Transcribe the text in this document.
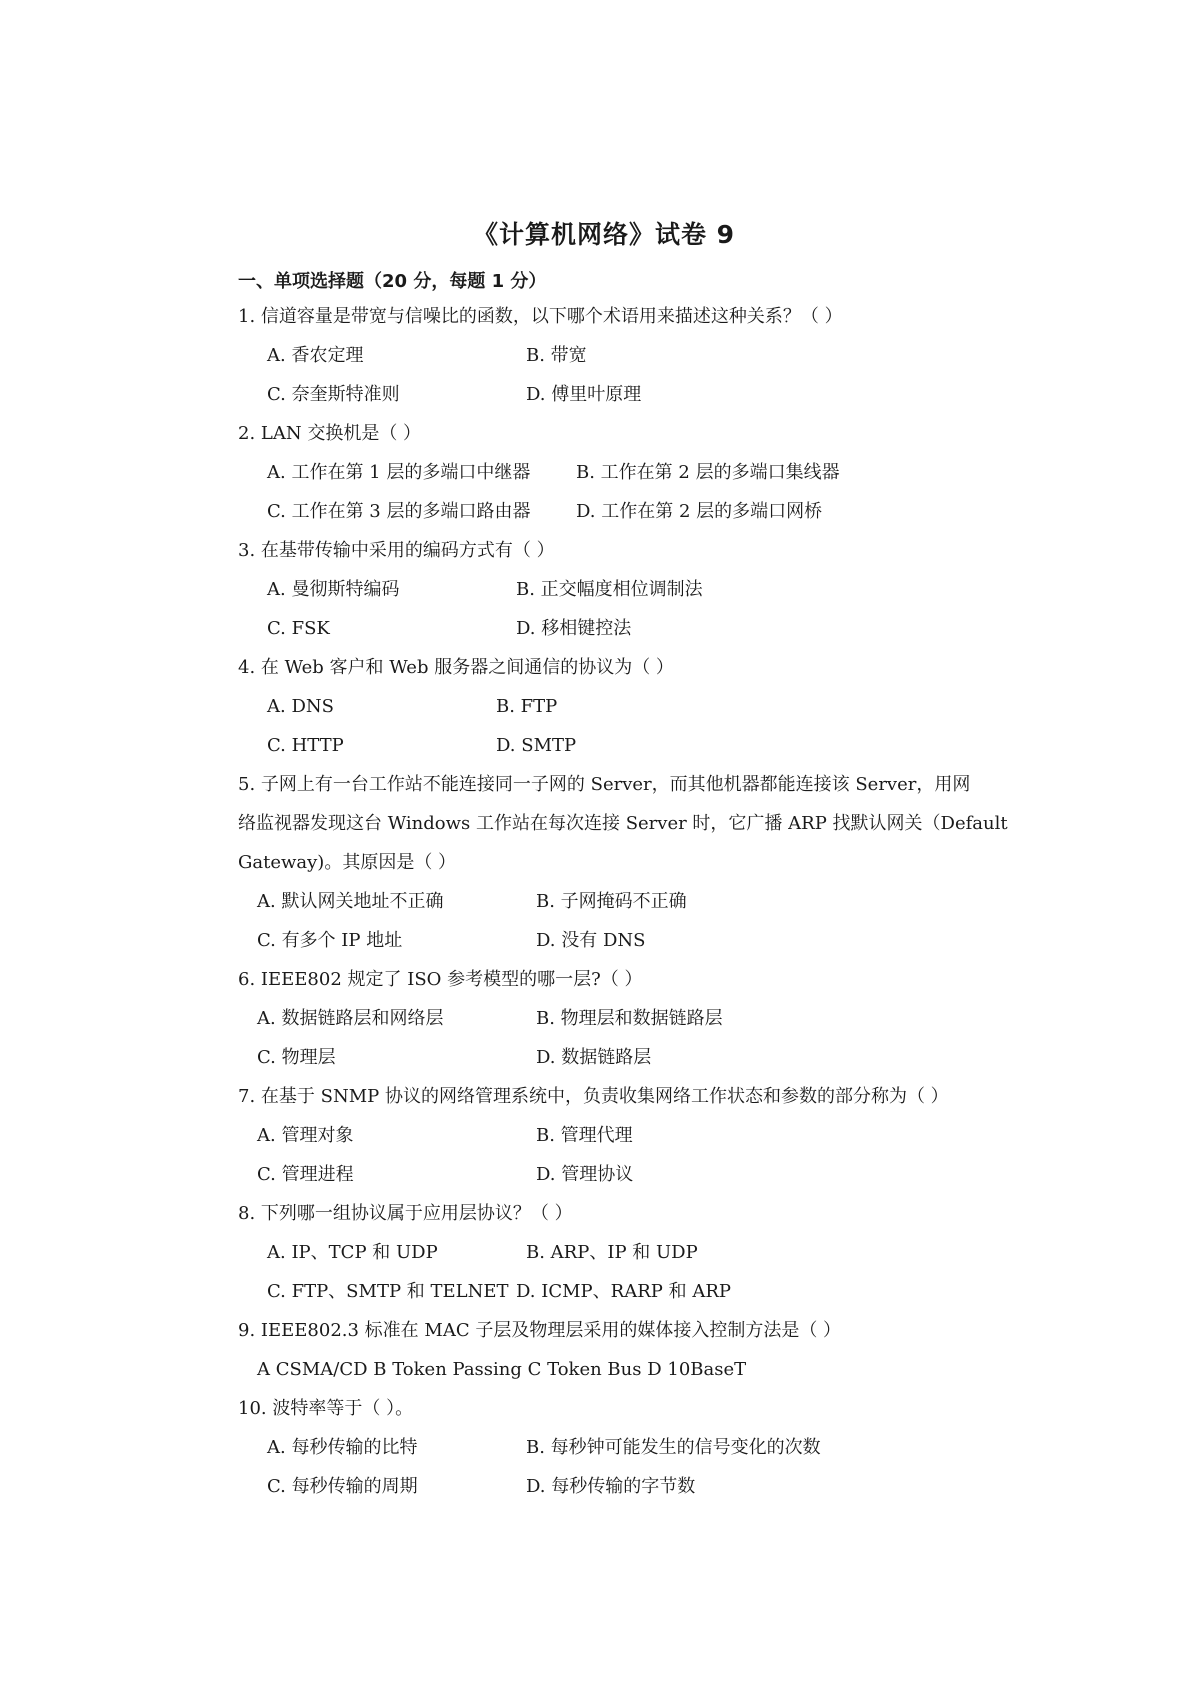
《计算机网络》试卷 9
一、单项选择题（20 分，每题 1 分）
1. 信道容量是带宽与信噪比的函数，以下哪个术语用来描述这种关系？（ ）
A. 香农定理	B. 带宽
C. 奈奎斯特准则	D. 傅里叶原理
2. LAN 交换机是（ ）
A. 工作在第 1 层的多端口中继器	B. 工作在第 2 层的多端口集线器
C. 工作在第 3 层的多端口路由器	D. 工作在第 2 层的多端口网桥
3. 在基带传输中采用的编码方式有（ ）
A. 曼彻斯特编码	B. 正交幅度相位调制法
C. FSK	D. 移相键控法
4. 在 Web 客户和 Web 服务器之间通信的协议为（ ）
A. DNS	B. FTP
C. HTTP	D. SMTP
5. 子网上有一台工作站不能连接同一子网的 Server，而其他机器都能连接该 Server，用网
络监视器发现这台 Windows 工作站在每次连接 Server 时，它广播 ARP 找默认网关（Default
Gateway)。其原因是（ ）
A. 默认网关地址不正确	B. 子网掩码不正确
C. 有多个 IP 地址	D. 没有 DNS
6. IEEE802 规定了 ISO 参考模型的哪一层?（ ）
A. 数据链路层和网络层	B. 物理层和数据链路层
C. 物理层	D. 数据链路层
7. 在基于 SNMP 协议的网络管理系统中，负责收集网络工作状态和参数的部分称为（ ）
A. 管理对象	B. 管理代理
C. 管理进程	D. 管理协议
8. 下列哪一组协议属于应用层协议？（ ）
A. IP、TCP 和 UDP	B. ARP、IP 和 UDP
C. FTP、SMTP 和 TELNET D. ICMP、RARP 和 ARP
9. IEEE802.3 标准在 MAC 子层及物理层采用的媒体接入控制方法是（ ）
A CSMA/CD B Token Passing C Token Bus D 10BaseT
10. 波特率等于（ ）。
A. 每秒传输的比特	B. 每秒钟可能发生的信号变化的次数
C. 每秒传输的周期	D. 每秒传输的字节数
